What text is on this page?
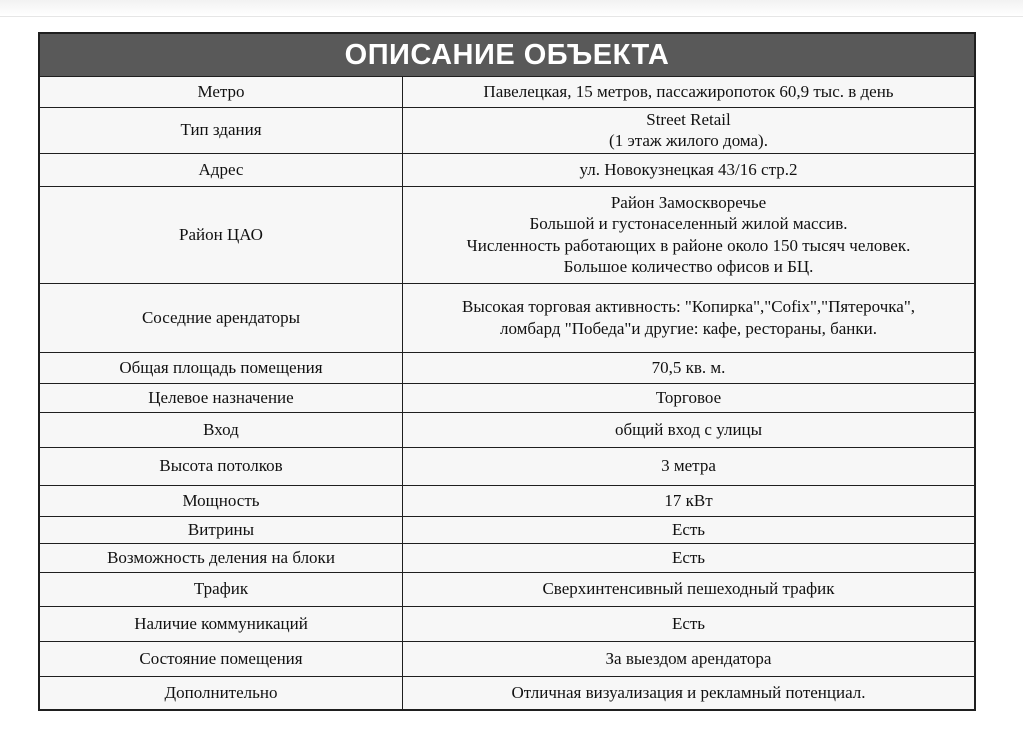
ОПИСАНИЕ ОБЪЕКТА
Метро	Павелецкая, 15 метров, пассажиропоток 60,9 тыс. в день

Тип здания	Street Retail
(1 этаж жилого дома).

Адрес	ул. Новокузнецкая 43/16 стр.2

Район ЦАО	Район Замоскворечье
Большой и густонаселенный жилой массив.
Численность работающих в районе около 150 тысяч человек.
Большое количество офисов и БЦ.

Соседние арендаторы	Высокая торговая активность: "Копирка","Cofix","Пятерочка",
ломбард "Победа"и другие: кафе, рестораны, банки.

Общая площадь помещения	70,5 кв. м.

Целевое назначение	Торговое

Вход	общий вход с улицы

Высота потолков	3 метра

Мощность	17 кВт

Витрины	Есть

Возможность деления на блоки	Есть

Трафик	Сверхинтенсивный пешеходный трафик

Наличие коммуникаций	Есть

Состояние помещения	За выездом арендатора

Дополнительно	Отличная визуализация и рекламный потенциал.
